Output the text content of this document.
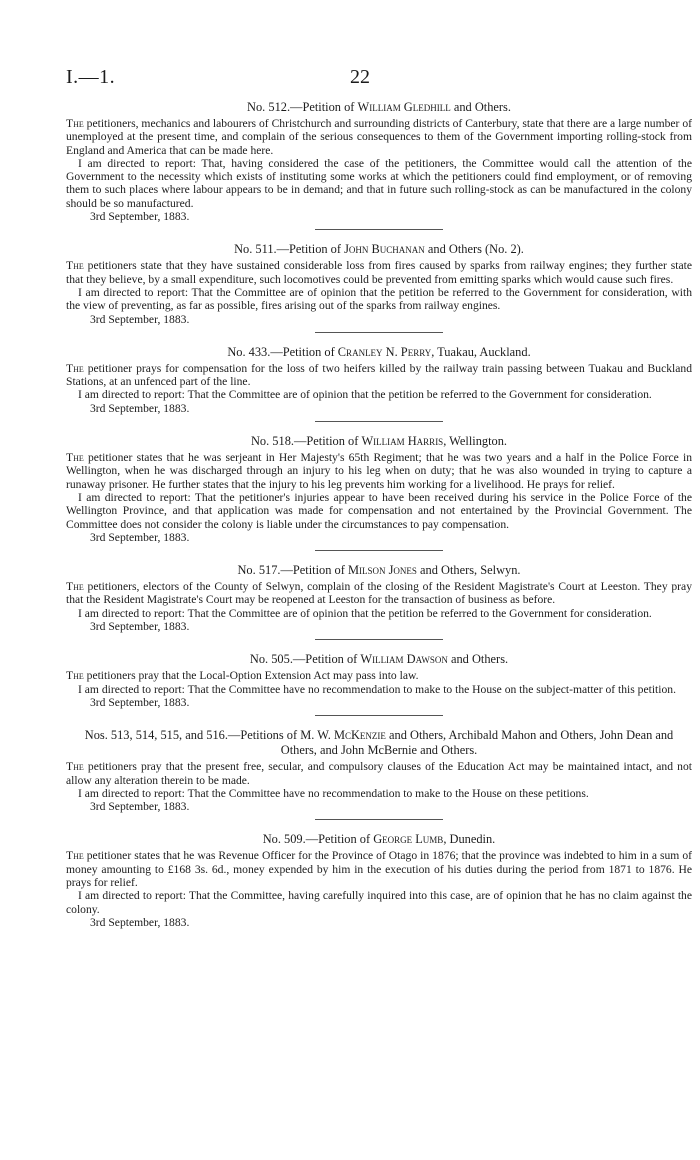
I.—1.	22

No. 512.—Petition of William Gledhill and Others.

The petitioners, mechanics and labourers of Christchurch and surrounding districts of Canterbury, state that there are a large number of unemployed at the present time, and complain of the serious consequences to them of the Government importing rolling-stock from England and America that can be made here.

I am directed to report: That, having considered the case of the petitioners, the Committee would call the attention of the Government to the necessity which exists of instituting some works at which the petitioners could find employment, or of removing them to such places where labour appears to be in demand; and that in future such rolling-stock as can be manufactured in the colony should be so manufactured.

3rd September, 1883.

No. 511.—Petition of John Buchanan and Others (No. 2).

The petitioners state that they have sustained considerable loss from fires caused by sparks from railway engines; they further state that they believe, by a small expenditure, such locomotives could be prevented from emitting sparks which would cause such fires.

I am directed to report: That the Committee are of opinion that the petition be referred to the Government for consideration, with the view of preventing, as far as possible, fires arising out of the sparks from railway engines.

3rd September, 1883.

No. 433.—Petition of Cranley N. Perry, Tuakau, Auckland.

The petitioner prays for compensation for the loss of two heifers killed by the railway train passing between Tuakau and Buckland Stations, at an unfenced part of the line.

I am directed to report: That the Committee are of opinion that the petition be referred to the Government for consideration.

3rd September, 1883.

No. 518.—Petition of William Harris, Wellington.

The petitioner states that he was serjeant in Her Majesty's 65th Regiment; that he was two years and a half in the Police Force in Wellington, when he was discharged through an injury to his leg when on duty; that he was also wounded in trying to capture a runaway prisoner. He further states that the injury to his leg prevents him working for a livelihood. He prays for relief.

I am directed to report: That the petitioner's injuries appear to have been received during his service in the Police Force of the Wellington Province, and that application was made for compensation and not entertained by the Provincial Government. The Committee does not consider the colony is liable under the circumstances to pay compensation.

3rd September, 1883.

No. 517.—Petition of Milson Jones and Others, Selwyn.

The petitioners, electors of the County of Selwyn, complain of the closing of the Resident Magistrate's Court at Leeston. They pray that the Resident Magistrate's Court may be reopened at Leeston for the transaction of business as before.

I am directed to report: That the Committee are of opinion that the petition be referred to the Government for consideration.

3rd September, 1883.

No. 505.—Petition of William Dawson and Others.

The petitioners pray that the Local-Option Extension Act may pass into law.

I am directed to report: That the Committee have no recommendation to make to the House on the subject-matter of this petition.

3rd September, 1883.

Nos. 513, 514, 515, and 516.—Petitions of M. W. McKenzie and Others, Archibald Mahon and Others, John Dean and Others, and John McBernie and Others.

The petitioners pray that the present free, secular, and compulsory clauses of the Education Act may be maintained intact, and not allow any alteration therein to be made.

I am directed to report: That the Committee have no recommendation to make to the House on these petitions.

3rd September, 1883.

No. 509.—Petition of George Lumb, Dunedin.

The petitioner states that he was Revenue Officer for the Province of Otago in 1876; that the province was indebted to him in a sum of money amounting to £168 3s. 6d., money expended by him in the execution of his duties during the period from 1871 to 1876. He prays for relief.

I am directed to report: That the Committee, having carefully inquired into this case, are of opinion that he has no claim against the colony.

3rd September, 1883.
